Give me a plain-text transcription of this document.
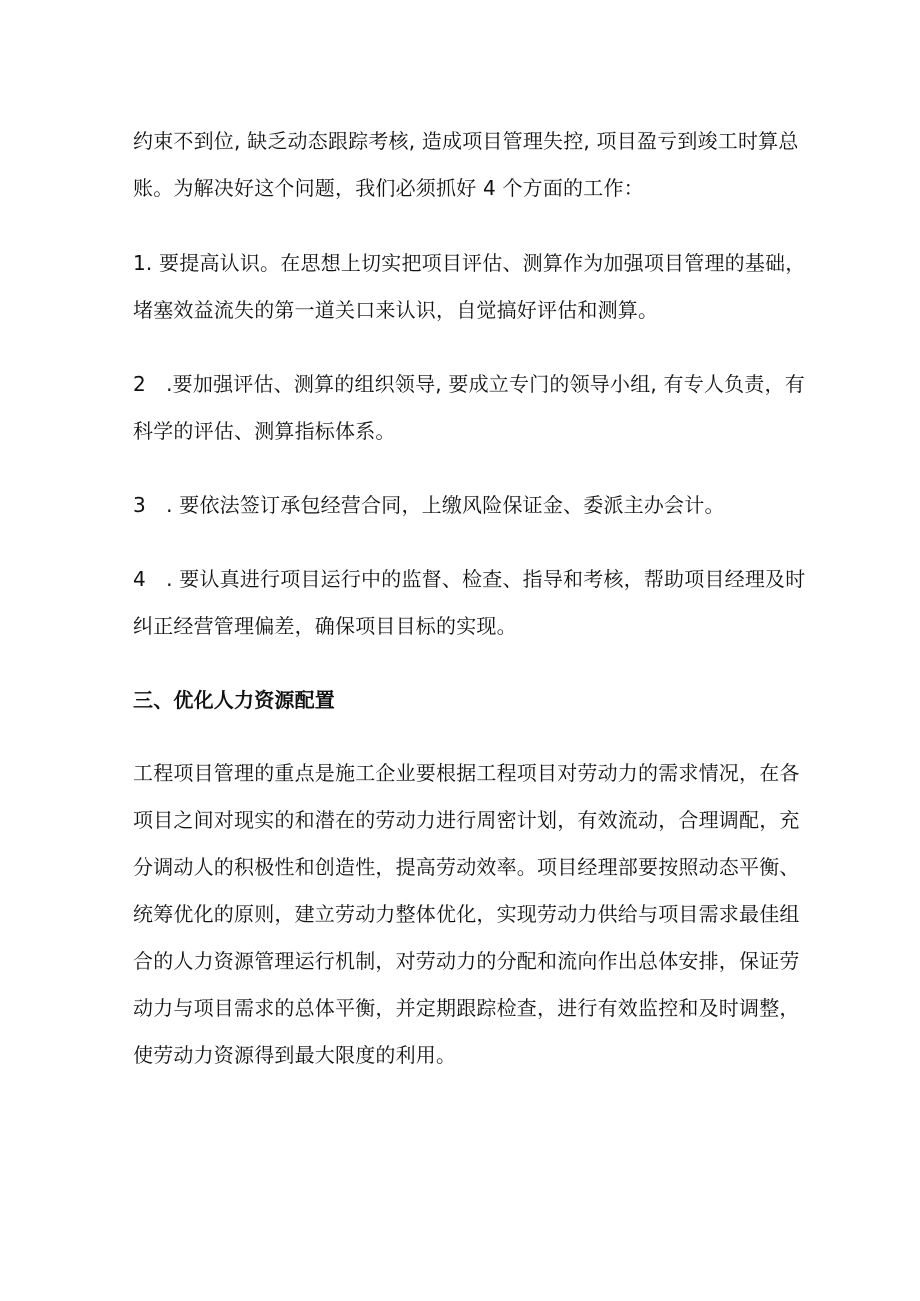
约束不到位, 缺乏动态跟踪考核, 造成项目管理失控, 项目盈亏到竣工时算总
账。为解决好这个问题，我们必须抓好 4 个方面的工作：
1. 要提高认识。在思想上切实把项目评估、测算作为加强项目管理的基础，
堵塞效益流失的第一道关口来认识，自觉搞好评估和测算。
2　.要加强评估、测算的组织领导, 要成立专门的领导小组, 有专人负责，有
科学的评估、测算指标体系。
3　. 要依法签订承包经营合同，上缴风险保证金、委派主办会计。
4　. 要认真进行项目运行中的监督、检查、指导和考核，帮助项目经理及时
纠正经营管理偏差，确保项目目标的实现。
三、优化人力资源配置
工程项目管理的重点是施工企业要根据工程项目对劳动力的需求情况，在各
项目之间对现实的和潜在的劳动力进行周密计划，有效流动，合理调配，充
分调动人的积极性和创造性，提高劳动效率。项目经理部要按照动态平衡、
统筹优化的原则，建立劳动力整体优化，实现劳动力供给与项目需求最佳组
合的人力资源管理运行机制，对劳动力的分配和流向作出总体安排，保证劳
动力与项目需求的总体平衡，并定期跟踪检查，进行有效监控和及时调整，
使劳动力资源得到最大限度的利用。
